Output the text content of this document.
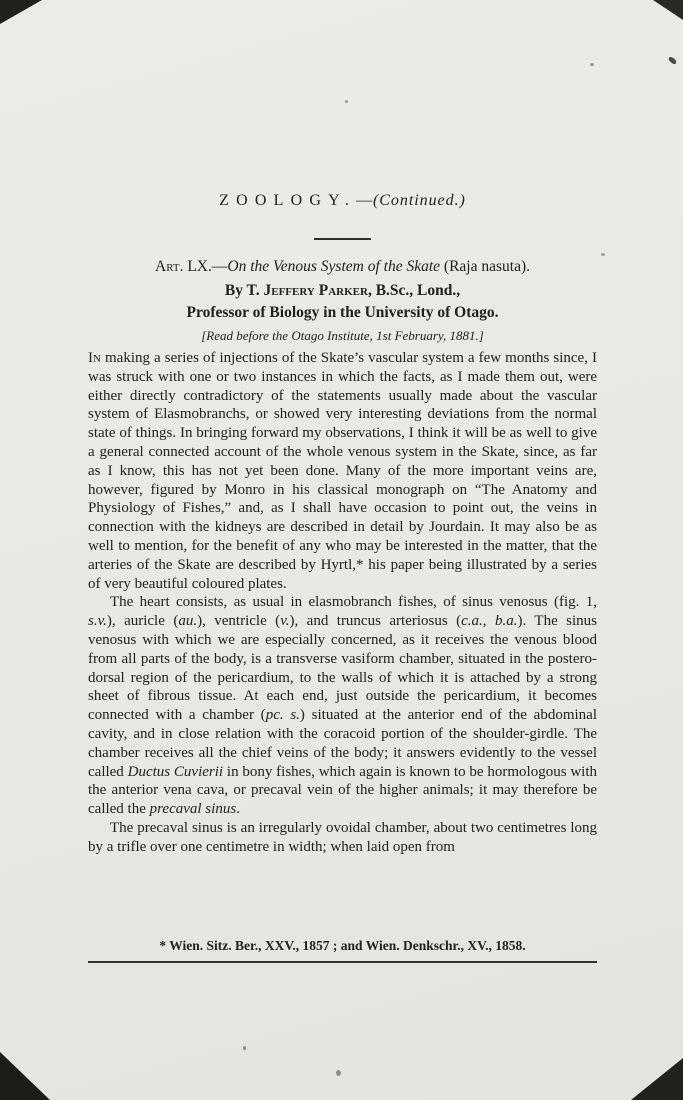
ZOOLOGY.—(Continued.)
Art. LX.—On the Venous System of the Skate (Raja nasuta).
By T. Jeffery Parker, B.Sc., Lond.,
Professor of Biology in the University of Otago.
[Read before the Otago Institute, 1st February, 1881.]

In making a series of injections of the Skate’s vascular system a few months since, I was struck with one or two instances in which the facts, as I made them out, were either directly contradictory of the statements usually made about the vascular system of Elasmobranchs, or showed very interesting deviations from the normal state of things. In bringing forward my observations, I think it will be as well to give a general connected account of the whole venous system in the Skate, since, as far as I know, this has not yet been done. Many of the more important veins are, however, figured by Monro in his classical monograph on “The Anatomy and Physiology of Fishes,” and, as I shall have occasion to point out, the veins in connection with the kidneys are described in detail by Jourdain. It may also be as well to mention, for the benefit of any who may be interested in the matter, that the arteries of the Skate are described by Hyrtl,* his paper being illustrated by a series of very beautiful coloured plates.

The heart consists, as usual in elasmobranch fishes, of sinus venosus (fig. 1, s.v.), auricle (au.), ventricle (v.), and truncus arteriosus (c.a., b.a.). The sinus venosus with which we are especially concerned, as it receives the venous blood from all parts of the body, is a transverse vasiform chamber, situated in the postero-dorsal region of the pericardium, to the walls of which it is attached by a strong sheet of fibrous tissue. At each end, just outside the pericardium, it becomes connected with a chamber (pc. s.) situated at the anterior end of the abdominal cavity, and in close relation with the coracoid portion of the shoulder-girdle. The chamber receives all the chief veins of the body; it answers evidently to the vessel called Ductus Cuvierii in bony fishes, which again is known to be hormologous with the anterior vena cava, or precaval vein of the higher animals; it may therefore be called the precaval sinus.

The precaval sinus is an irregularly ovoidal chamber, about two centimetres long by a trifle over one centimetre in width; when laid open from

* Wien. Sitz. Ber., XXV., 1857 ; and Wien. Denkschr., XV., 1858.
